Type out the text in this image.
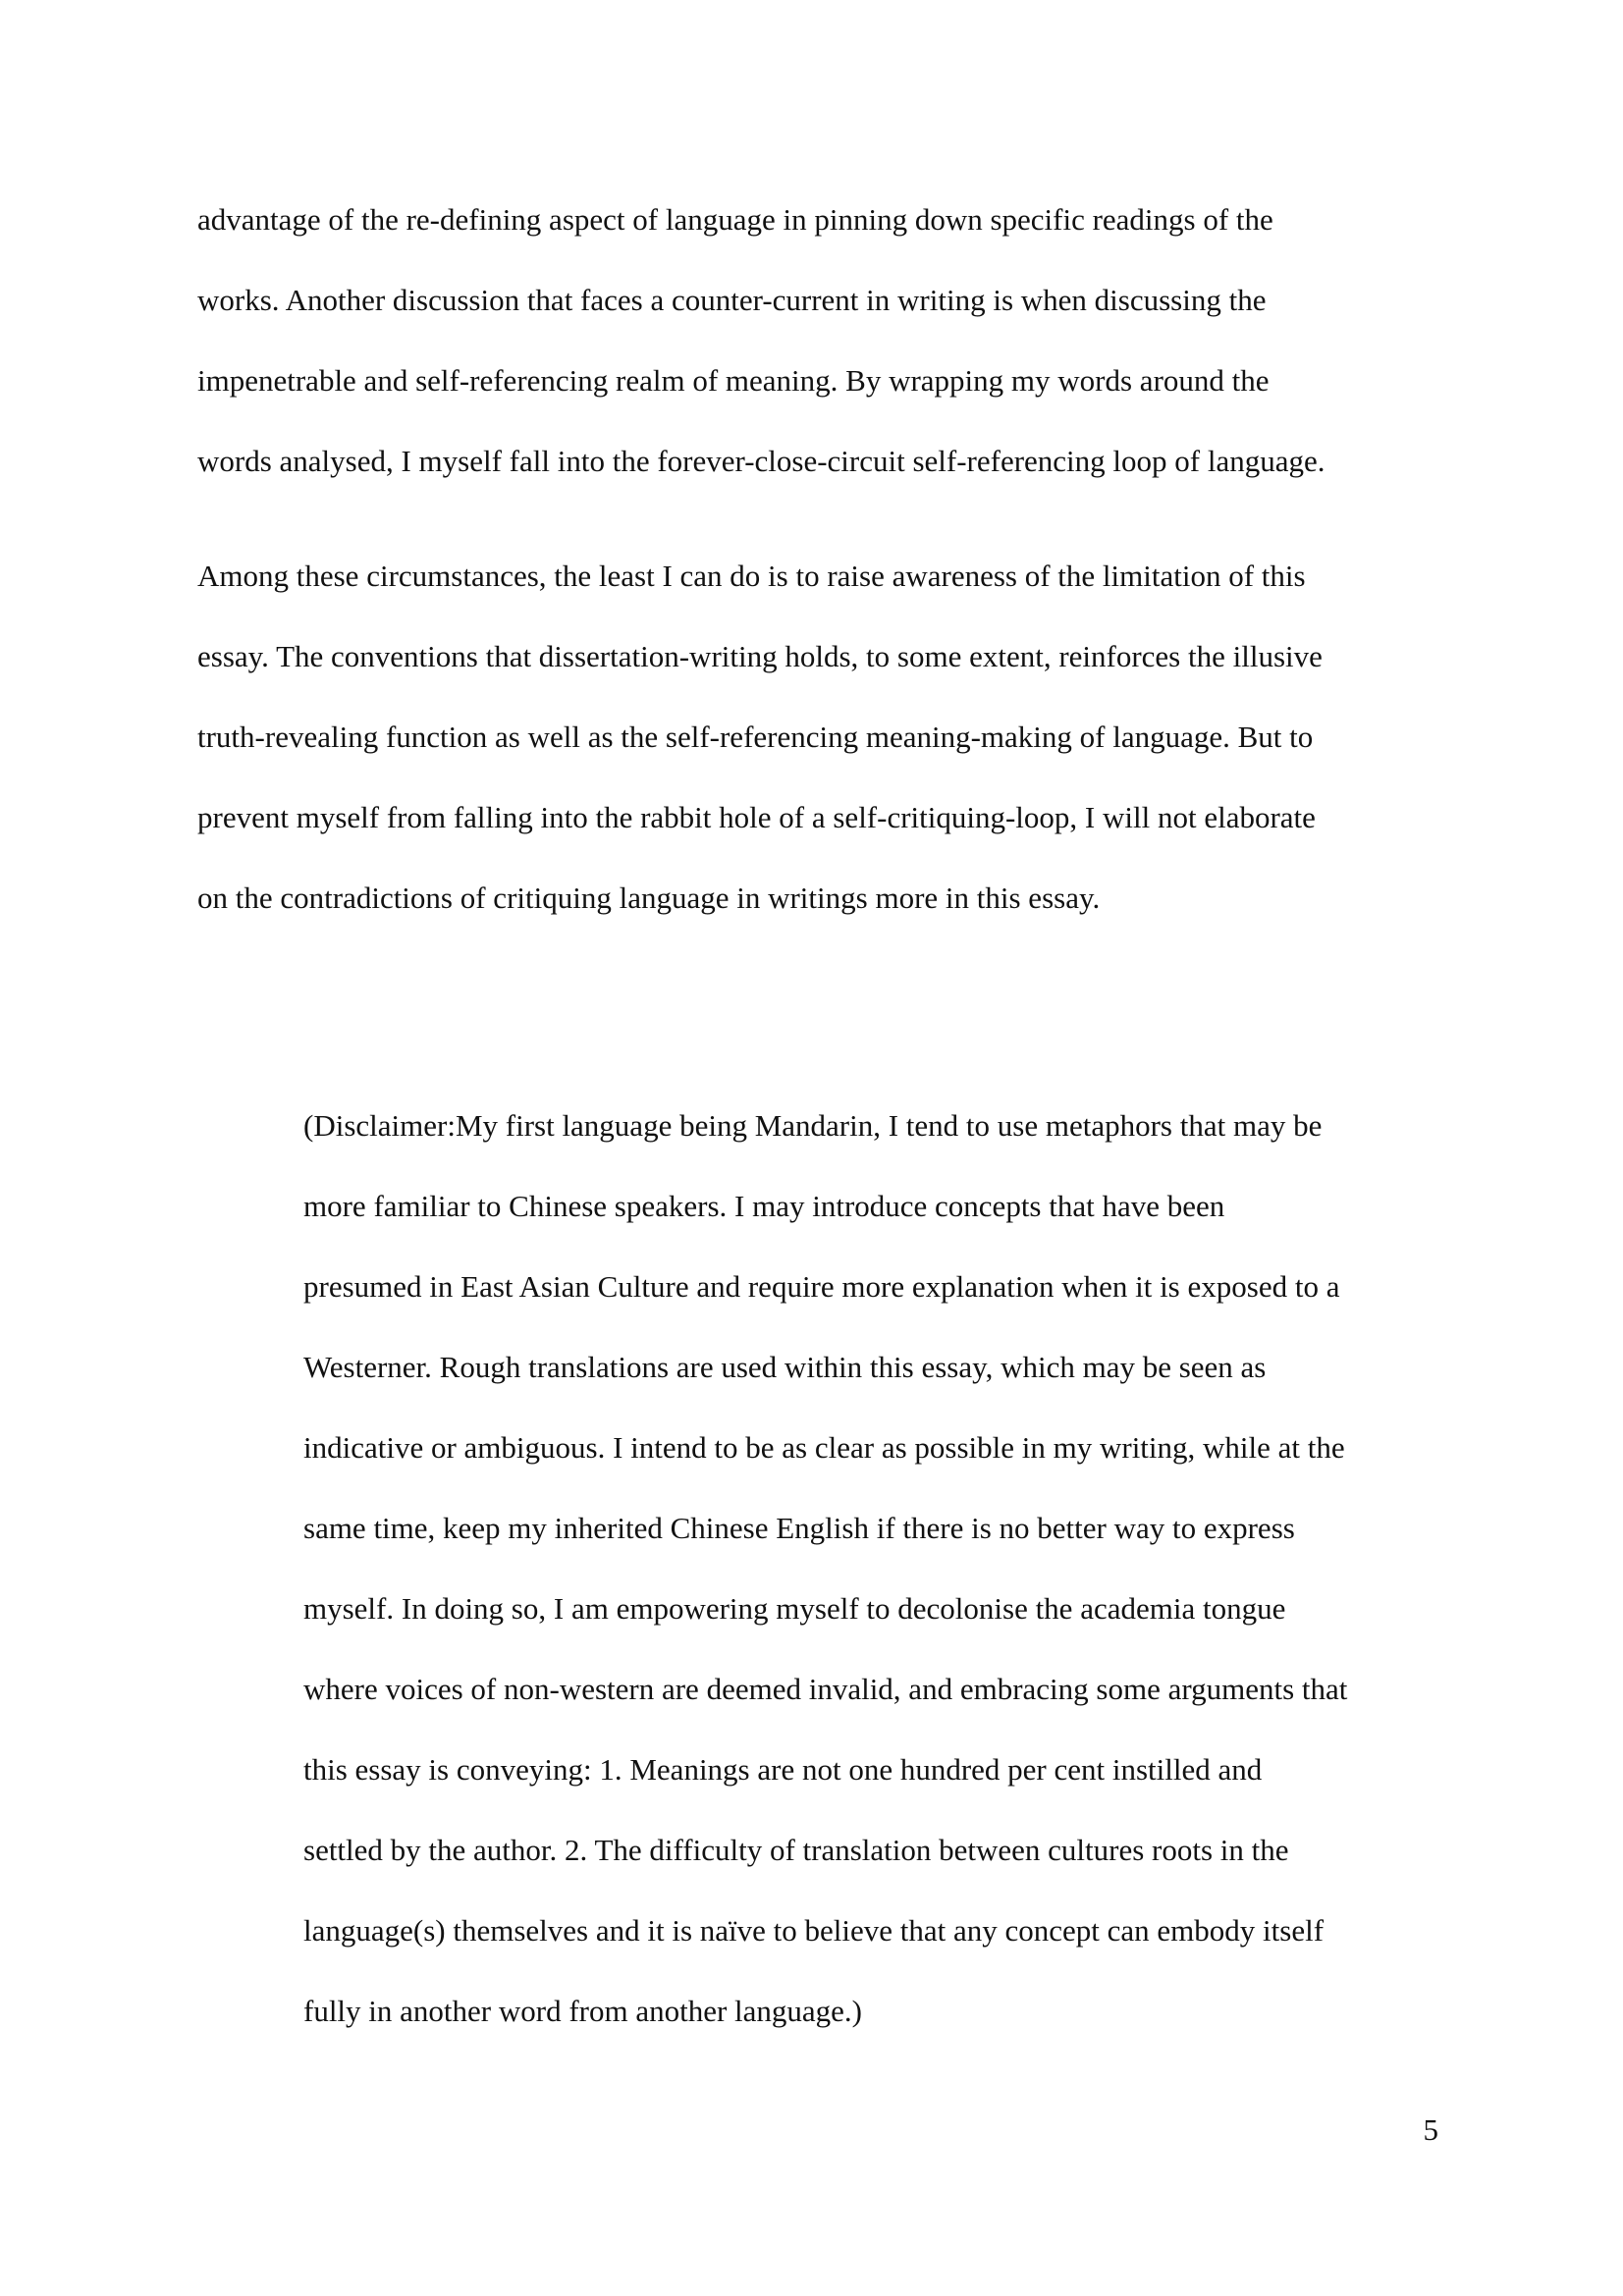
advantage of the re-defining aspect of language in pinning down specific readings of the
works. Another discussion that faces a counter-current in writing is when discussing the
impenetrable and self-referencing realm of meaning. By wrapping my words around the
words analysed, I myself fall into the forever-close-circuit self-referencing loop of language.

Among these circumstances, the least I can do is to raise awareness of the limitation of this
essay. The conventions that dissertation-writing holds, to some extent, reinforces the illusive
truth-revealing function as well as the self-referencing meaning-making of language. But to
prevent myself from falling into the rabbit hole of a self-critiquing-loop, I will not elaborate
on the contradictions of critiquing language in writings more in this essay.

(Disclaimer:My first language being Mandarin, I tend to use metaphors that may be
more familiar to Chinese speakers. I may introduce concepts that have been
presumed in East Asian Culture and require more explanation when it is exposed to a
Westerner. Rough translations are used within this essay, which may be seen as
indicative or ambiguous. I intend to be as clear as possible in my writing, while at the
same time, keep my inherited Chinese English if there is no better way to express
myself. In doing so, I am empowering myself to decolonise the academia tongue
where voices of non-western are deemed invalid, and embracing some arguments that
this essay is conveying: 1. Meanings are not one hundred per cent instilled and
settled by the author. 2. The difficulty of translation between cultures roots in the
language(s) themselves and it is naïve to believe that any concept can embody itself
fully in another word from another language.)

5
